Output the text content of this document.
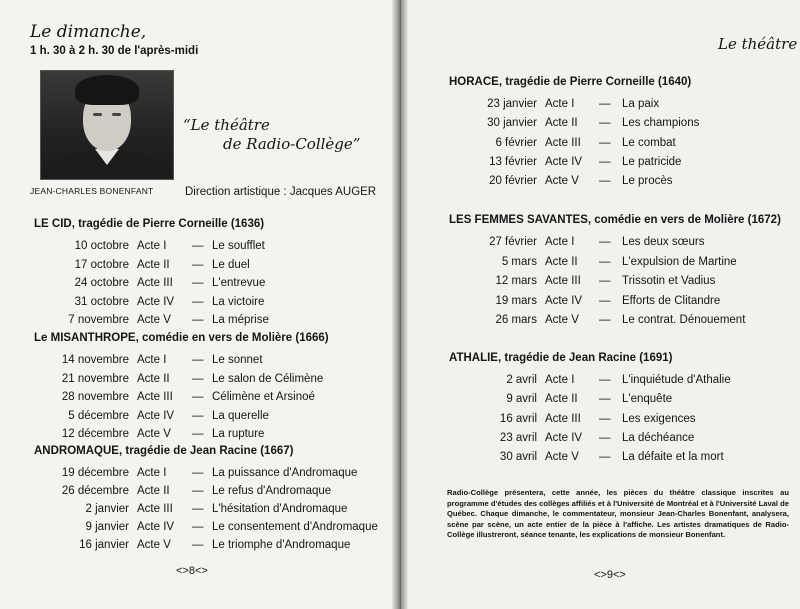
Le dimanche,
1 h. 30 à 2 h. 30 de l'après-midi
JEAN-CHARLES BONENFANT
“Le théâtre
de Radio-Collège”
Direction artistique : Jacques AUGER
Le théâtre
LE CID, tragédie de Pierre Corneille (1636)
10 octobre Acte I — Le soufflet
17 octobre Acte II — Le duel
24 octobre Acte III — L'entrevue
31 octobre Acte IV — La victoire
7 novembre Acte V — La méprise
Le MISANTHROPE, comédie en vers de Molière (1666)
14 novembre Acte I — Le sonnet
21 novembre Acte II — Le salon de Célimène
28 novembre Acte III — Célimène et Arsinoé
5 décembre Acte IV — La querelle
12 décembre Acte V — La rupture
ANDROMAQUE, tragédie de Jean Racine (1667)
19 décembre Acte I — La puissance d'Andromaque
26 décembre Acte II — Le refus d'Andromaque
2 janvier Acte III — L'hésitation d'Andromaque
9 janvier Acte IV — Le consentement d'Andromaque
16 janvier Acte V — Le triomphe d'Andromaque
HORACE, tragédie de Pierre Corneille (1640)
23 janvier Acte I — La paix
30 janvier Acte II — Les champions
6 février Acte III — Le combat
13 février Acte IV — Le patricide
20 février Acte V — Le procès
LES FEMMES SAVANTES, comédie en vers de Molière (1672)
27 février Acte I — Les deux sœurs
5 mars Acte II — L'expulsion de Martine
12 mars Acte III — Trissotin et Vadius
19 mars Acte IV — Efforts de Clitandre
26 mars Acte V — Le contrat. Dénouement
ATHALIE, tragédie de Jean Racine (1691)
2 avril Acte I — L'inquiétude d'Athalie
9 avril Acte II — L'enquête
16 avril Acte III — Les exigences
23 avril Acte IV — La déchéance
30 avril Acte V — La défaite et la mort
Radio-Collège présentera, cette année, les pièces du théâtre classique inscrites au programme d'études des collèges affiliés et à l'Université de Montréal et à l'Université Laval de Québec. Chaque dimanche, le commentateur, monsieur Jean-Charles Bonenfant, analysera, scène par scène, un acte entier de la pièce à l'affiche. Les artistes dramatiques de Radio-Collège illustreront, séance tenante, les explications de monsieur Bonenfant.
<>8<>	<>9<>
